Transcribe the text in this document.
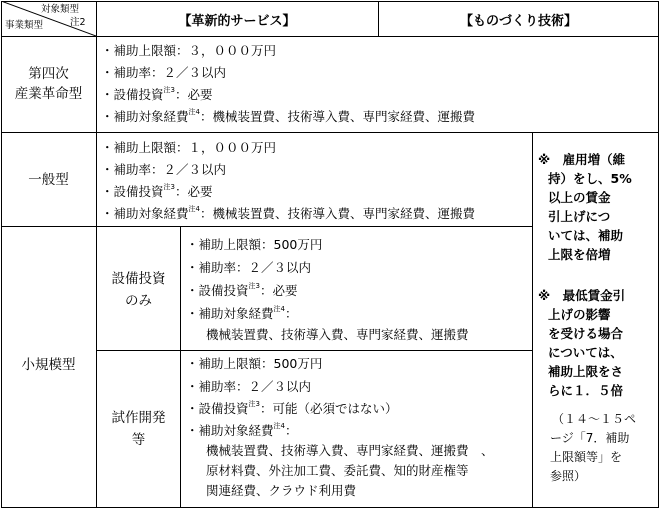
対象類型
注2
事業類型	【革新的サービス】	【ものづくり技術】
第四次
産業革命型
・補助上限額：３，０００万円
・補助率：２／３以内
・設備投資$^{注3}$：必要
・補助対象経費$^{注4}$：機械装置費、技術導入費、専門家経費、運搬費
一般型
・補助上限額：１，０００万円
・補助率：２／３以内
・設備投資$^{注3}$：必要
・補助対象経費$^{注4}$：機械装置費、技術導入費、専門家経費、運搬費
小規模型
設備投資
のみ
・補助上限額：500万円
・補助率：２／３以内
・設備投資$^{注3}$：必要
・補助対象経費$^{注4}$：
機械装置費、技術導入費、専門家経費、運搬費
試作開発
等
・補助上限額：500万円
・補助率：２／３以内
・設備投資$^{注3}$：可能（必須ではない）
・補助対象経費$^{注4}$：
機械装置費、技術導入費、専門家経費、運搬費　、
原材料費、外注加工費、委託費、知的財産権等
関連経費、クラウド利用費
※　雇用増（維
持）をし、5%
以上の賃金
引上げにつ
いては、補助
上限を倍増
※　最低賃金引
上げの影響
を受ける場合
については、
補助上限をさ
らに１．５倍
（１４～１５ペ
ージ「7．補助
上限額等」を
参照）
